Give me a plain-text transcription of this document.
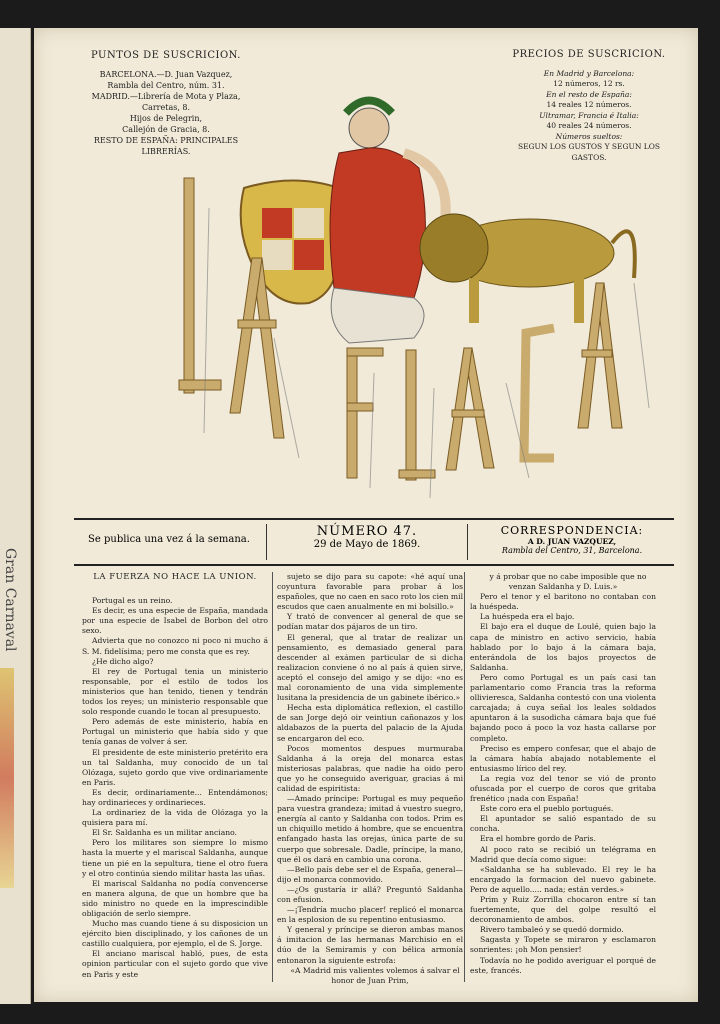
Gran Carnaval
PUNTOS DE SUSCRICION.
BARCELONA.—D. Juan Vazquez,
Rambla del Centro, núm. 31.
MADRID.—Librería de Mota y Plaza,
Carretas, 8.
Hijos de Pelegrin,
Callejón de Gracia, 8.
RESTO DE ESPAÑA: PRINCIPALES
LIBRERÍAS.
PRECIOS DE SUSCRICION.
En Madrid y Barcelona:
12 números, 12 rs.
En el resto de España:
14 reales 12 números.
Ultramar, Francia é Italia:
40 reales 24 números.
Números sueltos:
SEGUN LOS GUSTOS Y SEGUN LOS GASTOS.
Se publica una vez á la semana.
NÚMERO 47.
29 de Mayo de 1869.
CORRESPONDENCIA:
A D. JUAN VAZQUEZ,
Rambla del Centro, 31, Barcelona.
LA FUERZA NO HACE LA UNION.

Portugal es un reino.

Es decir, es una especie de España, mandada por una especie de Isabel de Borbon del otro sexo.

Advierta que no conozco ni poco ni mucho á S. M. fidelísima; pero me consta que es rey.

¿He dicho algo?

El rey de Portugal tenia un ministerio responsable, por el estilo de todos los ministerios que han tenido, tienen y tendrán todos los reyes; un ministerio responsable que solo responde cuando le tocan al presupuesto.

Pero además de este ministerio, había en Portugal un ministerio que había sido y que tenía ganas de volver á ser.

El presidente de este ministerio pretérito era un tal Saldanha, muy conocido de un tal Olózaga, sujeto gordo que vive ordinariamente en Paris.

Es decir, ordinariamente... Entendámonos; hay ordinarieces y ordinarieces.

La ordinariez de la vida de Olózaga yo la quisiera para mí.

El Sr. Saldanha es un militar anciano.

Pero los militares son siempre lo mismo hasta la muerte y el mariscal Saldanha, aunque tiene un pié en la sepultura, tiene el otro fuera y el otro continúa siendo militar hasta las uñas.

El mariscal Saldanha no podía convencerse en manera alguna, de que un hombre que ha sido ministro no quede en la imprescindible obligación de serlo siempre.

Mucho mas cuando tiene á su disposicion un ejército bien disciplinado, y los cañones de un castillo cualquiera, por ejemplo, el de S. Jorge.

El anciano mariscal habló, pues, de esta opinion particular con el sujeto gordo que vive en Paris y este

sujeto se dijo para su capote: «hé aquí una coyuntura favorable para probar á los españoles, que no caen en saco roto los cien mil escudos que caen anualmente en mi bolsillo.»

Y trató de convencer al general de que se podían matar dos pájaros de un tiro.

El general, que al tratar de realizar un pensamiento, es demasiado general para descender al exámen particular de si dicha realizacion conviene ó no al país á quien sirve, aceptó el consejo del amigo y se dijo: «no es mal coronamiento de una vida simplemente lusitana la presidencia de un gabinete ibérico.»

Hecha esta diplomática reflexion, el castillo de san Jorge dejó oir veintiun cañonazos y los aldabazos de la puerta del palacio de la Ajuda se encargaron del eco.

Pocos momentos despues murmuraba Saldanha á la oreja del monarca estas misteriosas palabras, que nadie ha oido pero que yo he conseguido averiguar, gracias á mi calidad de espiritista:

—Amado príncipe: Portugal es muy pequeño para vuestra grandeza; imitad á vuestro suegro, energía al canto y Saldanha con todos. Prim es un chiquillo metido á hombre, que se encuentra enfangado hasta las orejas, única parte de su cuerpo que sobresale. Dadle, príncipe, la mano, que él os dará en cambio una corona.

—Bello país debe ser el de España, general—dijo el monarca conmovido.

—¿Os gustaría ir allá? Preguntó Saldanha con efusion.

—¡Tendría mucho placer! replicó el monarca en la esplosion de su repentino entusiasmo.

Y general y príncipe se dieron ambas manos á imitacion de las hermanas Marchisio en el dúo de la Semiramis y con bélica armonía entonaron la siguiente estrofa:

«A Madrid mis valientes volemos á salvar el honor de Juan Prim,

y á probar que no cabe imposible que no venzan Saldanha y D. Luis.»

Pero el tenor y el baritono no contaban con la huéspeda.

La huéspeda era el bajo.

El bajo era el duque de Loulé, quien bajo la capa de ministro en activo servicio, había hablado por lo bajo á la cámara baja, enterándola de los bajos proyectos de Saldanha.

Pero como Portugal es un país casi tan parlamentario como Francia tras la reforma ollivieresca, Saldanha contestó con una violenta carcajada; á cuya señal los leales soldados apuntaron á la susodicha cámara baja que fué bajando poco á poco la voz hasta callarse por completo.

Preciso es empero confesar, que el abajo de la cámara había abajado notablemente el entusiasmo lírico del rey.

La regia voz del tenor se vió de pronto ofuscada por el cuerpo de coros que gritaba frenético ¡nada con España!

Este coro era el pueblo portugués.

El apuntador se salió espantado de su concha.

Era el hombre gordo de Paris.

Al poco rato se recibió un telégrama en Madrid que decía como sigue:

«Saldanha se ha sublevado. El rey le ha encargado la formacion del nuevo gabinete. Pero de aquello..... nada; están verdes.»

Prim y Ruiz Zorrilla chocaron entre sí tan fuertemente, que del golpe resultó el decoronamiento de ambos.

Rivero tambaleó y se quedó dormido.

Sagasta y Topete se miraron y esclamaron sonrientes: ¡oh Mon pensier!

Todavía no he podido averiguar el porqué de este, francés.
